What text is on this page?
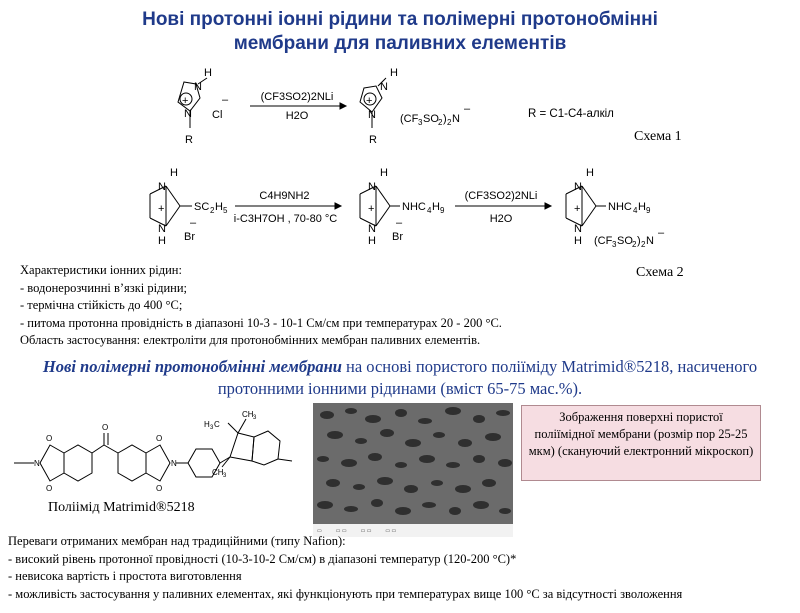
Нові протонні іонні рідини та полімерні протонобмінні
мембрани для паливних елементів
H
N
+
N
R
Cl
–
H
N
+
N
R
(CF 3 SO 2 ) 2 N
–
(CF3SO2)2NLi
H2O	R = C1-C4-алкіл
Схема 1
H
N
+
N
H
SC 2 H 5
–
Br
H
N
+
N
H
NHC 4 H 9
–
Br
H
N
+
N
H
NHC 4 H 9
(CF 3 SO 2 ) 2 N
–
C4H9NH2
i-C3H7OH , 70-80 °C
(CF3SO2)2NLi
H2O
Схема 2
Характеристики іонних рідин:
- водонерозчинні в’язкі рідини;
- термічна стійкість до 400 °C;
- питома протонна провідність в діапазоні 10-3 - 10-1 См/см при температурах 20 - 200 °C.
Область застосування: електроліти для протонобмінних мембран паливних елементів.
Нові полімерні протонобмінні мембрани на основі пористого поліїміду Matrimid®5218, насиченого
протонними іонними рідинами (вміст 65-75 мас.%).
N
O
O
O
O
O
N
H 3 C
CH 3
CH 3
Поліімід Matrimid®5218
▭	▭ ▭	▭ ▭	▭ ▭
Зображення поверхні пористої поліїмідної мембрани (розмір пор 25-25 мкм) (скануючий електронний мікроскоп)
Переваги отриманих мембран над традиційними (типу Nafion):
- високий рівень протонної провідності (10-3-10-2 См/см) в діапазоні температур (120-200 °C)*
- невисока вартість і простота виготовлення
- можливість застосування у паливних елементах, які функціонують при температурах вище 100 °C за відсутності зволоження
